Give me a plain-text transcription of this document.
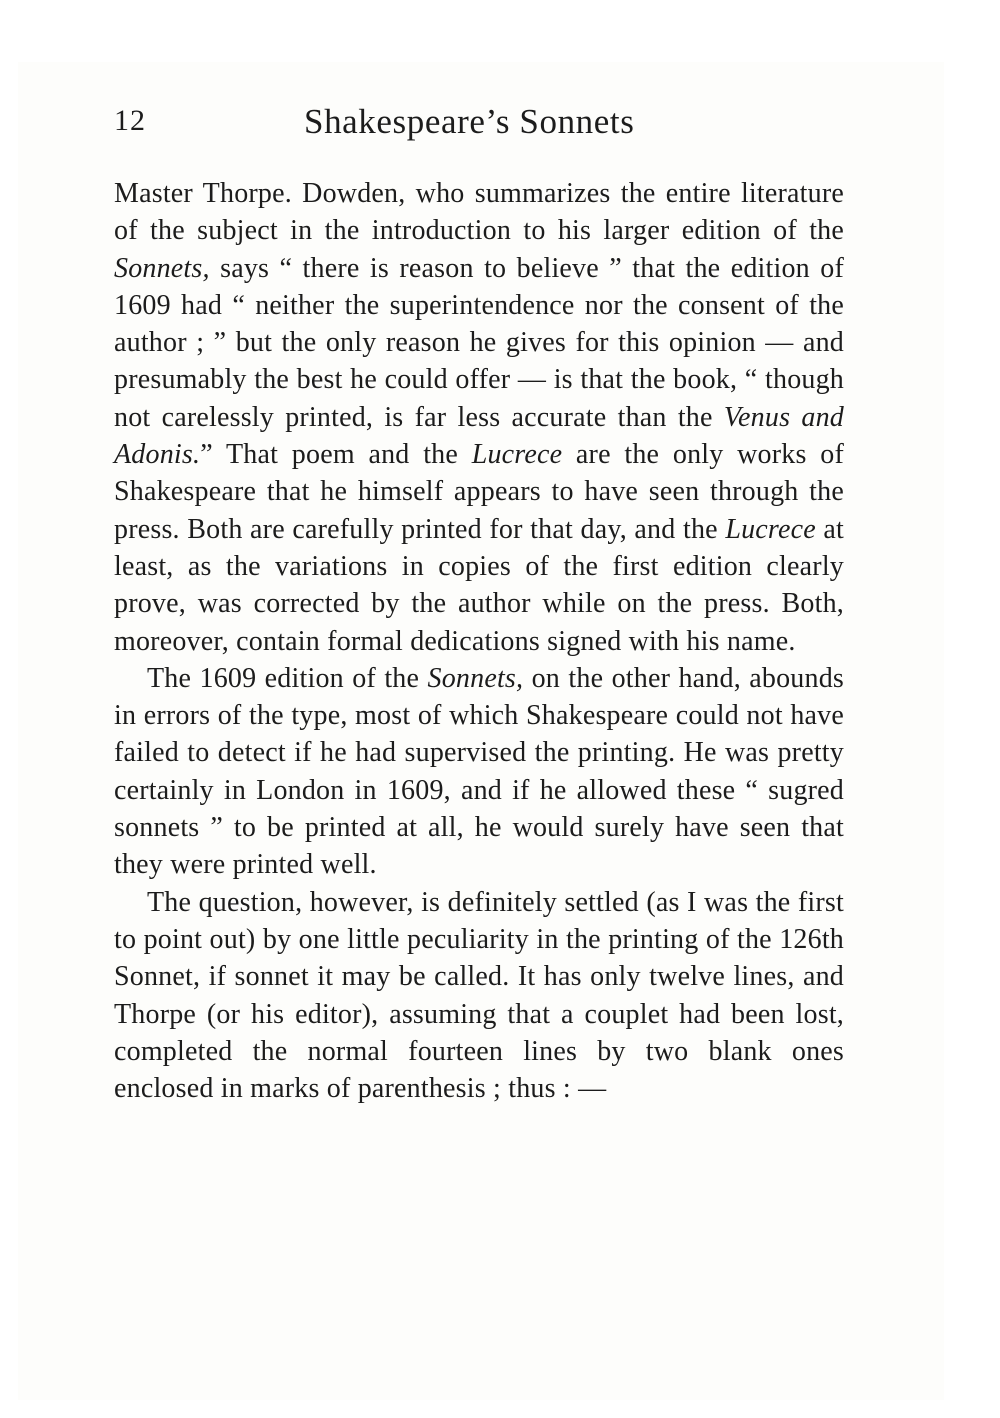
12	Shakespeare’s Sonnets

Master Thorpe. Dowden, who summarizes the entire literature of the subject in the introduction to his larger edition of the Sonnets, says “ there is reason to believe ” that the edition of 1609 had “ neither the superintendence nor the consent of the author ; ” but the only reason he gives for this opinion — and presumably the best he could offer — is that the book, “ though not carelessly printed, is far less accurate than the Venus and Adonis.” That poem and the Lucrece are the only works of Shakespeare that he himself appears to have seen through the press. Both are carefully printed for that day, and the Lucrece at least, as the variations in copies of the first edition clearly prove, was corrected by the author while on the press. Both, moreover, contain formal dedications signed with his name.

The 1609 edition of the Sonnets, on the other hand, abounds in errors of the type, most of which Shakespeare could not have failed to detect if he had supervised the printing. He was pretty certainly in London in 1609, and if he allowed these “ sugred sonnets ” to be printed at all, he would surely have seen that they were printed well.

The question, however, is definitely settled (as I was the first to point out) by one little peculiarity in the printing of the 126th Sonnet, if sonnet it may be called. It has only twelve lines, and Thorpe (or his editor), assuming that a couplet had been lost, completed the normal fourteen lines by two blank ones enclosed in marks of parenthesis ; thus : —
